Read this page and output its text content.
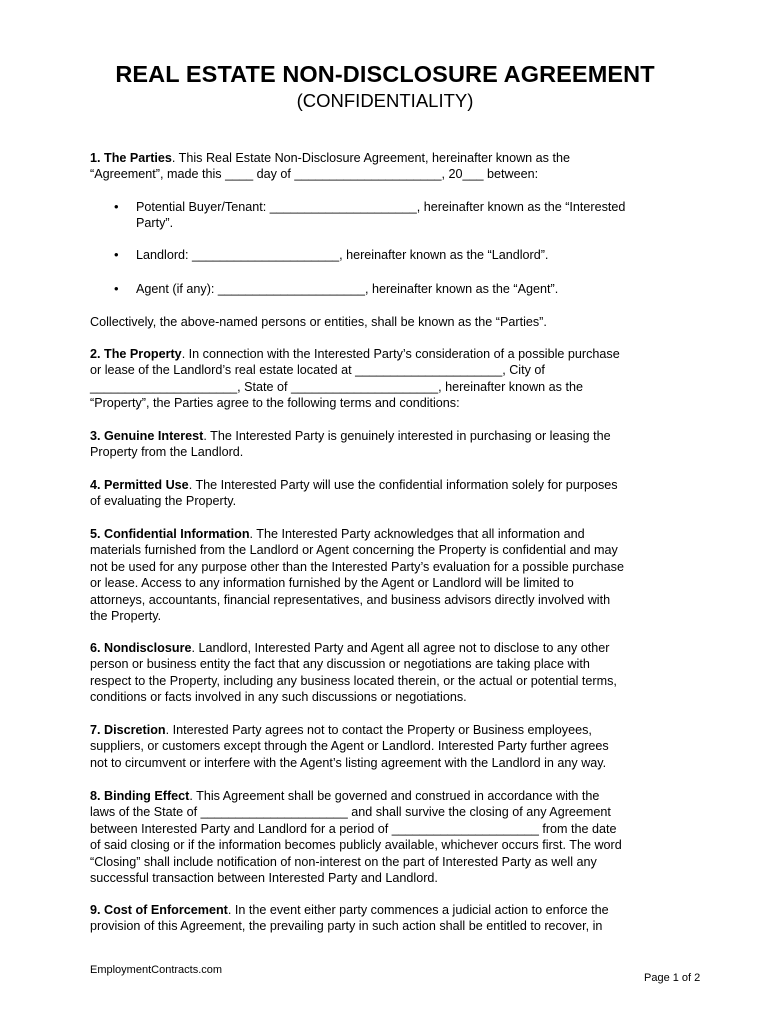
REAL ESTATE NON-DISCLOSURE AGREEMENT
(CONFIDENTIALITY)

1. The Parties. This Real Estate Non-Disclosure Agreement, hereinafter known as the

“Agreement”, made this ____ day of _____________________, 20___ between:

• Potential Buyer/Tenant: _____________________, hereinafter known as the “Interested

Party”.

• Landlord: _____________________, hereinafter known as the “Landlord”.

• Agent (if any): _____________________, hereinafter known as the “Agent”.

Collectively, the above-named persons or entities, shall be known as the “Parties”.

2. The Property. In connection with the Interested Party’s consideration of a possible purchase

or lease of the Landlord’s real estate located at _____________________, City of

_____________________, State of _____________________, hereinafter known as the

“Property”, the Parties agree to the following terms and conditions:

3. Genuine Interest. The Interested Party is genuinely interested in purchasing or leasing the

Property from the Landlord.

4. Permitted Use. The Interested Party will use the confidential information solely for purposes

of evaluating the Property.

5. Confidential Information. The Interested Party acknowledges that all information and

materials furnished from the Landlord or Agent concerning the Property is confidential and may

not be used for any purpose other than the Interested Party’s evaluation for a possible purchase

or lease. Access to any information furnished by the Agent or Landlord will be limited to

attorneys, accountants, financial representatives, and business advisors directly involved with

the Property.

6. Nondisclosure. Landlord, Interested Party and Agent all agree not to disclose to any other

person or business entity the fact that any discussion or negotiations are taking place with

respect to the Property, including any business located therein, or the actual or potential terms,

conditions or facts involved in any such discussions or negotiations.

7. Discretion. Interested Party agrees not to contact the Property or Business employees,

suppliers, or customers except through the Agent or Landlord. Interested Party further agrees

not to circumvent or interfere with the Agent’s listing agreement with the Landlord in any way.

8. Binding Effect. This Agreement shall be governed and construed in accordance with the

laws of the State of _____________________ and shall survive the closing of any Agreement

between Interested Party and Landlord for a period of _____________________ from the date

of said closing or if the information becomes publicly available, whichever occurs first. The word

“Closing” shall include notification of non-interest on the part of Interested Party as well any

successful transaction between Interested Party and Landlord.

9. Cost of Enforcement. In the event either party commences a judicial action to enforce the

provision of this Agreement, the prevailing party in such action shall be entitled to recover, in

EmploymentContracts.com
Page 1 of 2
